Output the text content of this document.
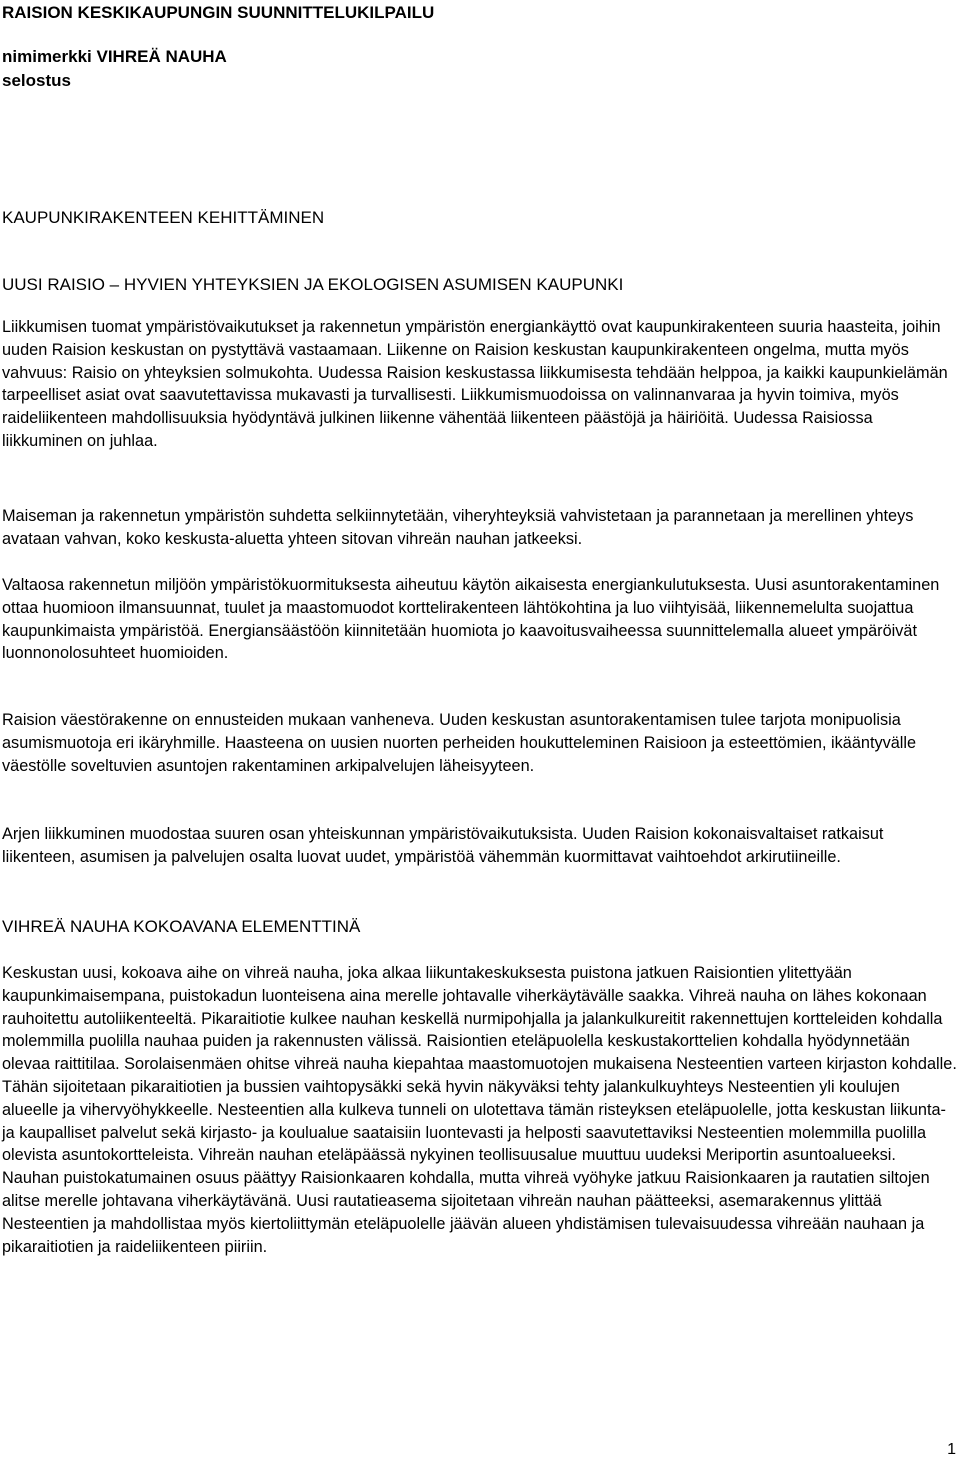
RAISION KESKIKAUPUNGIN SUUNNITTELUKILPAILU
nimimerkki VIHREÄ NAUHA
selostus
KAUPUNKIRAKENTEEN KEHITTÄMINEN
UUSI RAISIO – HYVIEN YHTEYKSIEN JA EKOLOGISEN ASUMISEN KAUPUNKI

Liikkumisen tuomat ympäristövaikutukset ja rakennetun ympäristön energiankäyttö ovat kaupunkirakenteen suuria haasteita, joihin uuden Raision keskustan on pystyttävä vastaamaan. Liikenne on Raision keskustan kaupunkirakenteen ongelma, mutta myös vahvuus: Raisio on yhteyksien solmukohta. Uudessa Raision keskustassa liikkumisesta tehdään helppoa, ja kaikki kaupunkielämän tarpeelliset asiat ovat saavutettavissa mukavasti ja turvallisesti. Liikkumismuodoissa on valinnanvaraa ja hyvin toimiva, myös raideliikenteen mahdollisuuksia hyödyntävä julkinen liikenne vähentää liikenteen päästöjä ja häiriöitä. Uudessa Raisiossa liikkuminen on juhlaa.

Maiseman ja rakennetun ympäristön suhdetta selkiinnytetään, viheryhteyksiä vahvistetaan ja parannetaan ja merellinen yhteys avataan vahvan, koko keskusta-aluetta yhteen sitovan vihreän nauhan jatkeeksi.

Valtaosa rakennetun miljöön ympäristökuormituksesta aiheutuu käytön aikaisesta energiankulutuksesta. Uusi asuntorakentaminen ottaa huomioon ilmansuunnat, tuulet ja maastomuodot korttelirakenteen lähtökohtina ja luo viihtyisää, liikennemelulta suojattua kaupunkimaista ympäristöä. Energiansäästöön kiinnitetään huomiota jo kaavoitusvaiheessa suunnittelemalla alueet ympäröivät luonnonolosuhteet huomioiden.

Raision väestörakenne on ennusteiden mukaan vanheneva. Uuden keskustan asuntorakentamisen tulee tarjota monipuolisia asumismuotoja eri ikäryhmille. Haasteena on uusien nuorten perheiden houkutteleminen Raisioon ja esteettömien, ikääntyvälle väestölle soveltuvien asuntojen rakentaminen arkipalvelujen läheisyyteen.

Arjen liikkuminen muodostaa suuren osan yhteiskunnan ympäristövaikutuksista. Uuden Raision kokonaisvaltaiset ratkaisut liikenteen, asumisen ja palvelujen osalta luovat uudet, ympäristöä vähemmän kuormittavat vaihtoehdot arkirutiineille.

VIHREÄ NAUHA KOKOAVANA ELEMENTTINÄ

Keskustan uusi, kokoava aihe on vihreä nauha, joka alkaa liikuntakeskuksesta puistona jatkuen Raisiontien ylitettyään kaupunkimaisempana, puistokadun luonteisena aina merelle johtavalle viherkäytävälle saakka. Vihreä nauha on lähes kokonaan rauhoitettu autoliikenteeltä. Pikaraitiotie kulkee nauhan keskellä nurmipohjalla ja jalankulkureitit rakennettujen kortteleiden kohdalla molemmilla puolilla nauhaa puiden ja rakennusten välissä. Raisiontien eteläpuolella keskustakorttelien kohdalla hyödynnetään olevaa raittitilaa. Sorolaisenmäen ohitse vihreä nauha kiepahtaa maastomuotojen mukaisena Nesteentien varteen kirjaston kohdalle. Tähän sijoitetaan pikaraitiotien ja bussien vaihtopysäkki sekä hyvin näkyväksi tehty jalankulkuyhteys Nesteentien yli koulujen alueelle ja vihervyöhykkeelle. Nesteentien alla kulkeva tunneli on ulotettava tämän risteyksen eteläpuolelle, jotta keskustan liikunta- ja kaupalliset palvelut sekä kirjasto- ja koulualue saataisiin luontevasti ja helposti saavutettaviksi Nesteentien molemmilla puolilla olevista asuntokortteleista. Vihreän nauhan eteläpäässä nykyinen teollisuusalue muuttuu uudeksi Meriportin asuntoalueeksi. Nauhan puistokatumainen osuus päättyy Raisionkaaren kohdalla, mutta vihreä vyöhyke jatkuu Raisionkaaren ja rautatien siltojen alitse merelle johtavana viherkäytävänä. Uusi rautatieasema sijoitetaan vihreän nauhan päätteeksi, asemarakennus ylittää Nesteentien ja mahdollistaa myös kiertoliittymän eteläpuolelle jäävän alueen yhdistämisen tulevaisuudessa vihreään nauhaan ja pikaraitiotien ja raideliikenteen piiriin.

1
